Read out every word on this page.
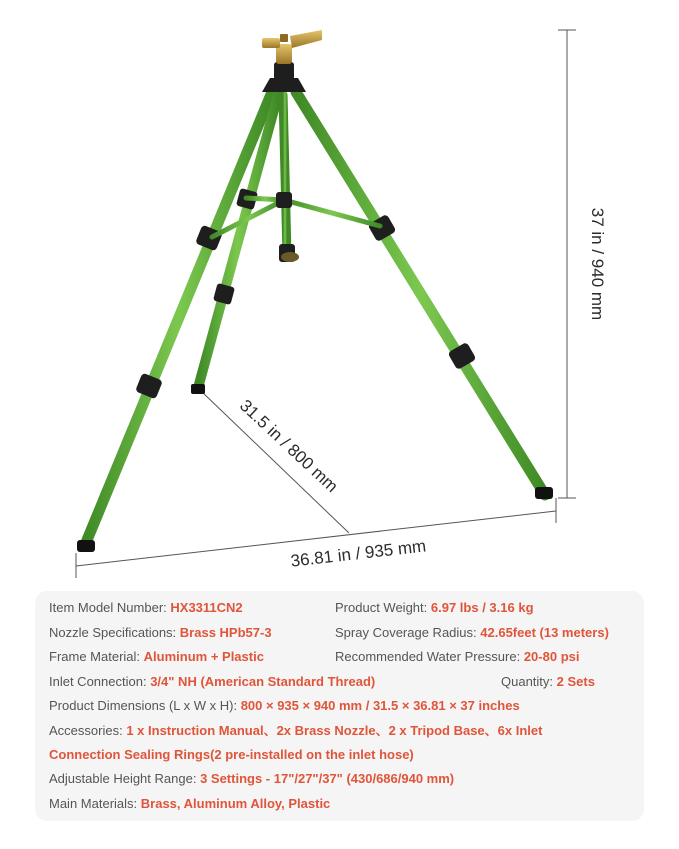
37 in / 940 mm
31.5 in / 800 mm
36.81 in / 935 mm
Item Model Number: HX3311CN2	Product Weight: 6.97 lbs / 3.16 kg
Nozzle Specifications: Brass HPb57-3	Spray Coverage Radius: 42.65feet (13 meters)
Frame Material: Aluminum + Plastic	Recommended Water Pressure: 20-80 psi
Inlet Connection: 3/4" NH (American Standard Thread)	Quantity: 2 Sets
Product Dimensions (L x W x H): 800 × 935 × 940 mm / 31.5 × 36.81 × 37 inches
Accessories: 1 x Instruction Manual、2x Brass Nozzle、2 x Tripod Base、6x Inlet
Connection Sealing Rings(2 pre-installed on the inlet hose)
Adjustable Height Range: 3 Settings - 17"/27"/37" (430/686/940 mm)
Main Materials: Brass, Aluminum Alloy, Plastic
